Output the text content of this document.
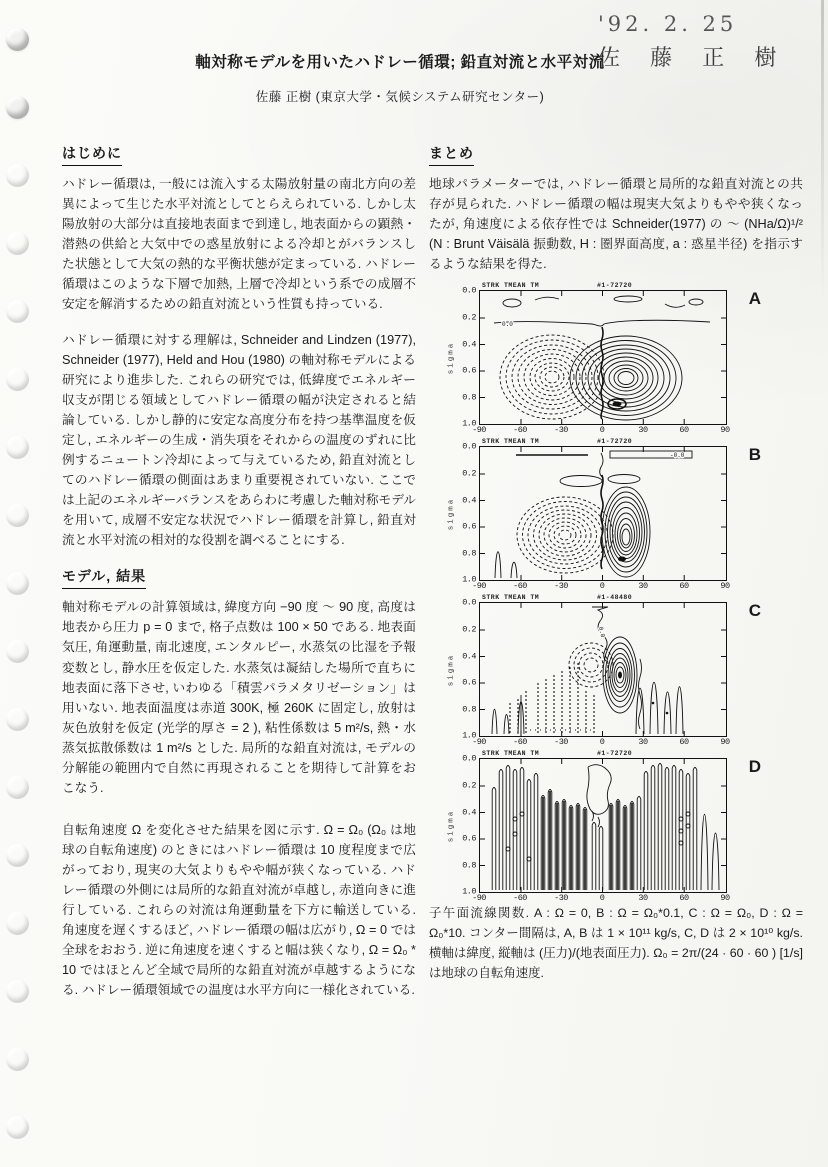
'92. 2. 25
佐 藤 正 樹
軸対称モデルを用いたハドレー循環; 鉛直対流と水平対流
佐藤 正樹 (東京大学・気候システム研究センター)
はじめに

ハドレー循環は, 一般には流入する太陽放射量の南北方向の差異によって生じた水平対流としてとらえられている. しかし太陽放射の大部分は直接地表面まで到達し, 地表面からの顕熱・潜熱の供給と大気中での惑星放射による冷却とがバランスした状態として大気の熱的な平衡状態が定まっている. ハドレー循環はこのような下層で加熱, 上層で冷却という系での成層不安定を解消するための鉛直対流という性質も持っている.

ハドレー循環に対する理解は, Schneider and Lindzen (1977), Schneider (1977), Held and Hou (1980) の軸対称モデルによる研究により進歩した. これらの研究では, 低緯度でエネルギー収支が閉じる領域としてハドレー循環の幅が決定されると結論している. しかし静的に安定な高度分布を持つ基準温度を仮定し, エネルギーの生成・消失項をそれからの温度のずれに比例するニュートン冷却によって与えているため, 鉛直対流としてのハドレー循環の側面はあまり重要視されていない. ここでは上記のエネルギーバランスをあらわに考慮した軸対称モデルを用いて, 成層不安定な状況でハドレー循環を計算し, 鉛直対流と水平対流の相対的な役割を調べることにする.

モデル, 結果

軸対称モデルの計算領域は, 緯度方向 −90 度 ～ 90 度, 高度は地表から圧力 p = 0 まで, 格子点数は 100 × 50 である. 地表面気圧, 角運動量, 南北速度, エンタルピー, 水蒸気の比湿を予報変数とし, 静水圧を仮定した. 水蒸気は凝結した場所で直ちに地表面に落下させ, いわゆる「積雲パラメタリゼーション」は用いない. 地表面温度は赤道 300K, 極 260K に固定し, 放射は灰色放射を仮定 (光学的厚さ = 2 ), 粘性係数は 5 m²/s, 熱・水蒸気拡散係数は 1 m²/s とした. 局所的な鉛直対流は, モデルの分解能の範囲内で自然に再現されることを期待して計算をおこなう.

自転角速度 Ω を変化させた結果を図に示す. Ω = Ω₀ (Ω₀ は地球の自転角速度) のときにはハドレー循環は 10 度程度まで広がっており, 現実の大気よりもやや幅が狭くなっている. ハドレー循環の外側には局所的な鉛直対流が卓越し, 赤道向きに進行している. これらの対流は角運動量を下方に輸送している. 角速度を遅くするほど, ハドレー循環の幅は広がり, Ω = 0 では全球をおおう. 逆に角速度を速くすると幅は狭くなり, Ω = Ω₀ * 10 ではほとんど全域で局所的な鉛直対流が卓越するようになる. ハドレー循環領域での温度は水平方向に一様化されている.

まとめ

地球パラメーターでは, ハドレー循環と局所的な鉛直対流との共存が見られた. ハドレー循環の幅は現実大気よりもやや狭くなったが, 角速度による依存性では Schneider(1977) の ～ (NHa/Ω)¹/² (N : Brunt Väisälä 振動数, H : 圏界面高度, a : 惑星半径) を指示するような結果を得た.

STRK TMEAN TM	#1-72720
sigma
0.0
0.2
0.4
0.6
0.8
1.0
0.0
-90	-60	-30	0	30	60	90
A
STRK TMEAN TM	#1-72720
sigma
0.0
0.2
0.4
0.6
0.8
1.0
-0.0
-90	-60	-30	0	30	60	90
B
STRK TMEAN TM	#1-48480
sigma
0.0
0.2
0.4
0.6
0.8
1.0
0.0
-90	-60	-30	0	30	60	90
C
STRK TMEAN TM	#1-72720
sigma
0.0
0.2
0.4
0.6
0.8
1.0
-90	-60	-30	0	30	60	90
D

子午面流線関数. A : Ω = 0, B : Ω = Ω₀*0.1, C : Ω = Ω₀, D : Ω = Ω₀*10. コンター間隔は, A, B は 1 × 10¹¹ kg/s, C, D は 2 × 10¹⁰ kg/s. 横軸は緯度, 縦軸は (圧力)/(地表面圧力). Ω₀ = 2π/(24 · 60 · 60 ) [1/s] は地球の自転角速度.
